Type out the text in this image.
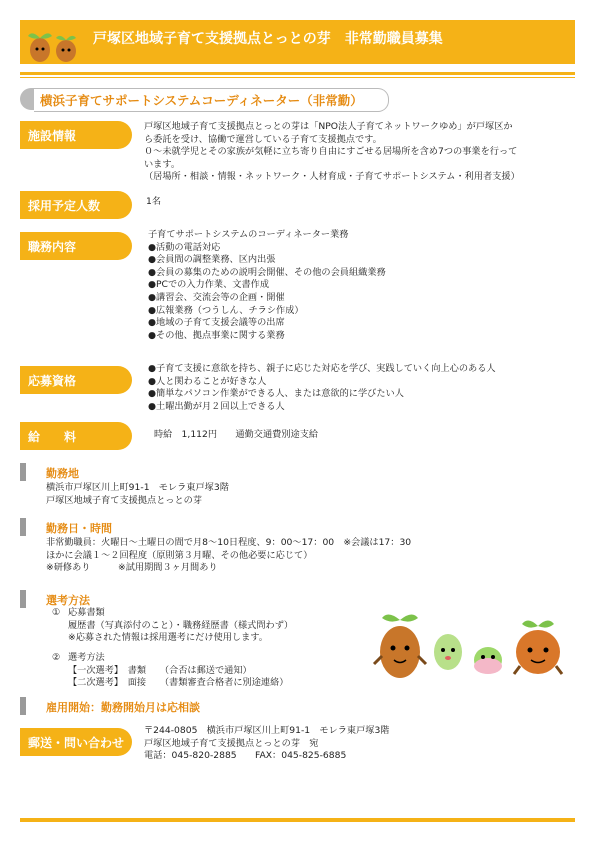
戸塚区地域子育て支援拠点とっとの芽　非常勤職員募集
横浜子育てサポートシステムコーディネーター（非常勤）
施設情報
戸塚区地域子育て支援拠点とっとの芽は「NPO法人子育てネットワークゆめ」が戸塚区か
ら委託を受け、協働で運営している子育て支援拠点です。
０～未就学児とその家族が気軽に立ち寄り自由にすごせる居場所を含め7つの事業を行って
います。
（居場所・相談・情報・ネットワーク・人材育成・子育てサポートシステム・利用者支援）
採用予定人数	1名
職務内容
子育てサポートシステムのコーディネーター業務
●活動の電話対応
●会員間の調整業務、区内出張
●会員の募集のための説明会開催、その他の会員組織業務
●PCでの入力作業、文書作成
●講習会、交流会等の企画・開催
●広報業務（つうしん、チラシ作成）
●地域の子育て支援会議等の出席
●その他、拠点事業に関する業務
応募資格
●子育て支援に意欲を持ち、親子に応じた対応を学び、実践していく向上心のある人
●人と関わることが好きな人
●簡単なパソコン作業ができる人、または意欲的に学びたい人
●土曜出勤が月２回以上できる人
給　　料	時給　1,112円　　通勤交通費別途支給
勤務地
横浜市戸塚区川上町91-1　モレラ東戸塚3階
戸塚区地域子育て支援拠点とっとの芽
勤務日・時間
非常勤職員：火曜日～土曜日の間で月8～10日程度、9：00～17：00　※会議は17：30
ほかに会議１～２回程度（原則第３月曜、その他必要に応じて）
※研修あり　　　※試用期間３ヶ月間あり
選考方法
① 応募書類
履歴書（写真添付のこと）・職務経歴書（様式問わず）
※応募された情報は採用選考にだけ使用します。
② 選考方法
【一次選考】　書類　　（合否は郵送で通知）
【二次選考】　面接　　（書類審査合格者に別途連絡）
雇用開始：勤務開始月は応相談
郵送・問い合わせ
〒244-0805　横浜市戸塚区川上町91-1　モレラ東戸塚3階
戸塚区地域子育て支援拠点とっとの芽　宛
電話：045-820-2885　　FAX：045-825-6885
